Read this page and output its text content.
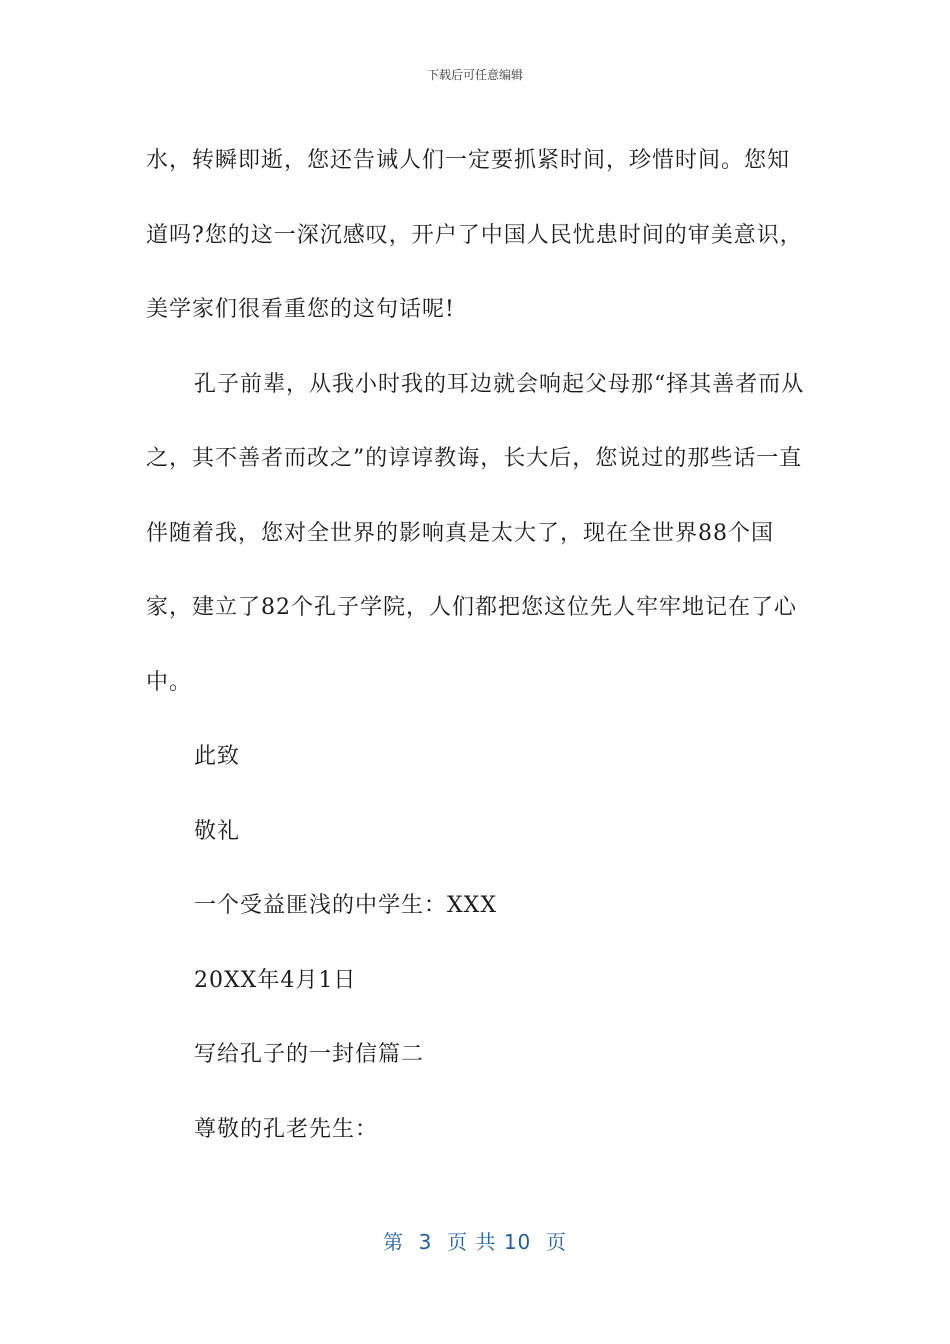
下载后可任意编辑

水，转瞬即逝，您还告诫人们一定要抓紧时间，珍惜时间。您知道吗?您的这一深沉感叹，开户了中国人民忧患时间的审美意识，美学家们很看重您的这句话呢!

孔子前辈，从我小时我的耳边就会响起父母那“择其善者而从之，其不善者而改之”的谆谆教诲，长大后，您说过的那些话一直伴随着我，您对全世界的影响真是太大了，现在全世界88个国家，建立了82个孔子学院，人们都把您这位先人牢牢地记在了心中。

此致

敬礼

一个受益匪浅的中学生：XXX

20XX年4月1日

写给孔子的一封信篇二

尊敬的孔老先生：

第  3  页 共 10  页
